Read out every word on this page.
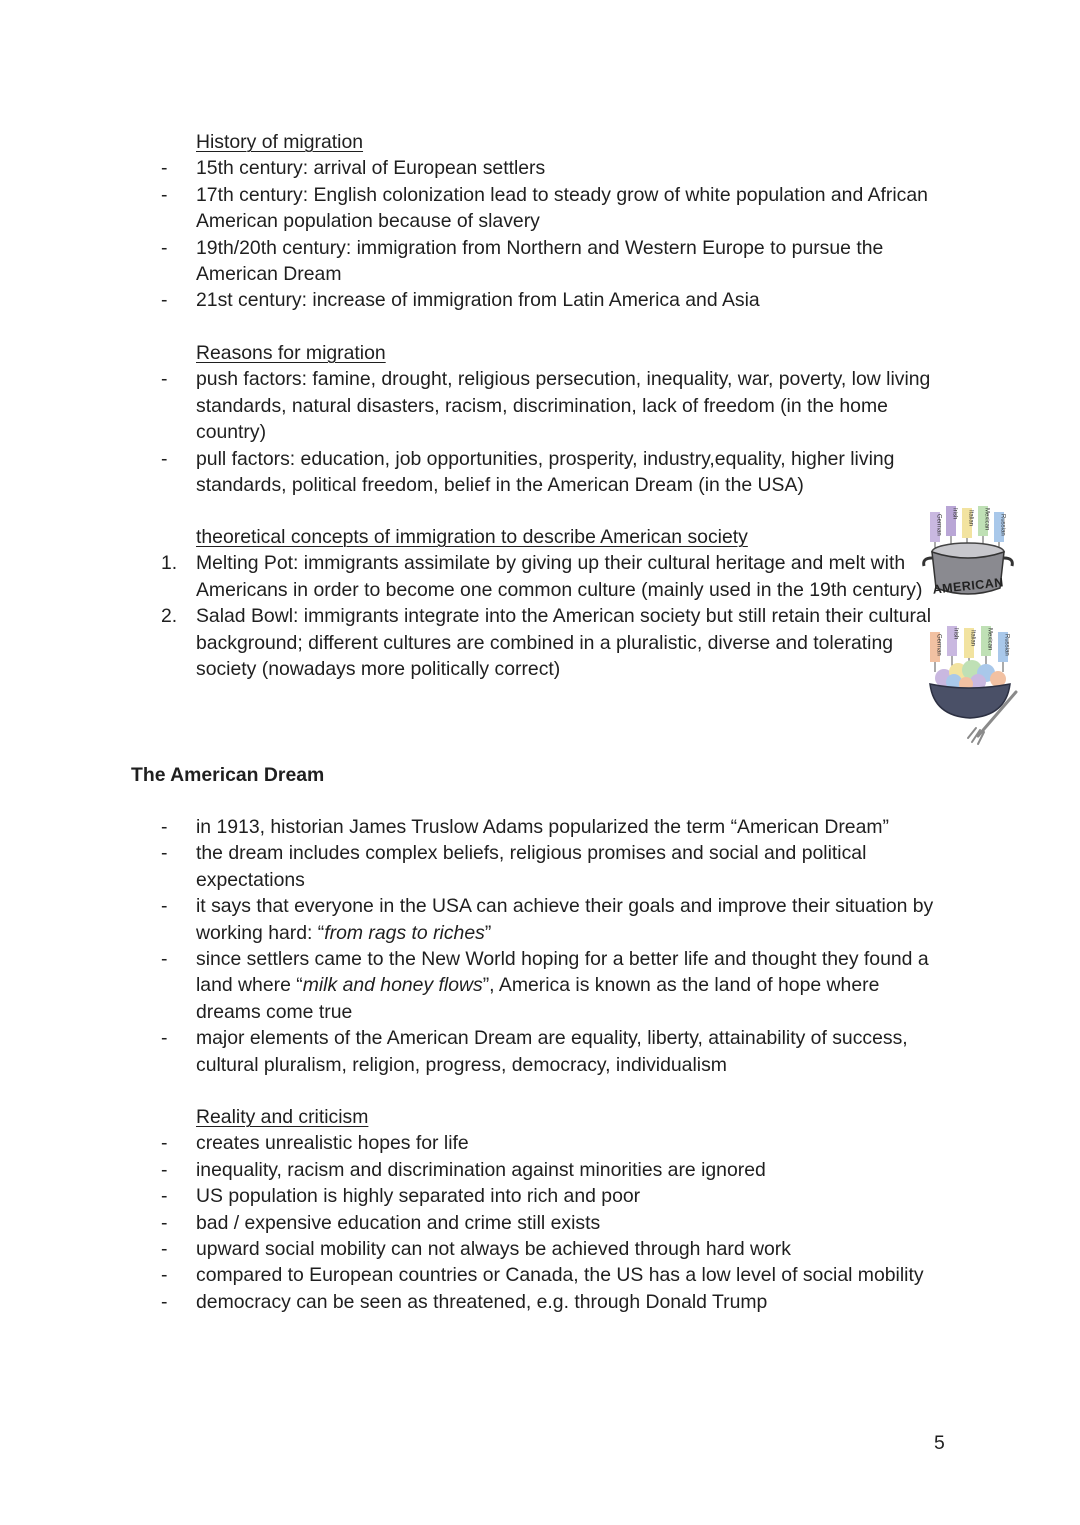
History of migration
- 15th century: arrival of European settlers
- 17th century: English colonization lead to steady grow of white population and African American population because of slavery
- 19th/20th century: immigration from Northern and Western Europe to pursue the American Dream
- 21st century: increase of immigration from Latin America and Asia
Reasons for migration
- push factors: famine, drought, religious persecution, inequality, war, poverty, low living standards, natural disasters, racism, discrimination, lack of freedom (in the home country)
- pull factors: education, job opportunities, prosperity, industry,equality, higher living standards, political freedom, belief in the American Dream (in the USA)
theoretical concepts of immigration to describe American society
1. Melting Pot: immigrants assimilate by giving up their cultural heritage and melt with Americans in order to become one common culture (mainly used in the 19th century)
2. Salad Bowl: immigrants integrate into the American society but still retain their cultural background; different cultures are combined in a pluralistic, diverse and tolerating society (nowadays more politically correct)
German
Irish Italian Mexican Russian
AMERICAN
German
Irish Italian Mexican Russian
The American Dream
- in 1913, historian James Truslow Adams popularized the term “American Dream”
- the dream includes complex beliefs, religious promises and social and political expectations
- it says that everyone in the USA can achieve their goals and improve their situation by working hard: “from rags to riches”
- since settlers came to the New World hoping for a better life and thought they found a land where “milk and honey flows”, America is known as the land of hope where dreams come true
- major elements of the American Dream are equality, liberty, attainability of success, cultural pluralism, religion, progress, democracy, individualism
Reality and criticism
- creates unrealistic hopes for life
- inequality, racism and discrimination against minorities are ignored
- US population is highly separated into rich and poor
- bad / expensive education and crime still exists
- upward social mobility can not always be achieved through hard work
- compared to European countries or Canada, the US has a low level of social mobility
- democracy can be seen as threatened, e.g. through Donald Trump
5
